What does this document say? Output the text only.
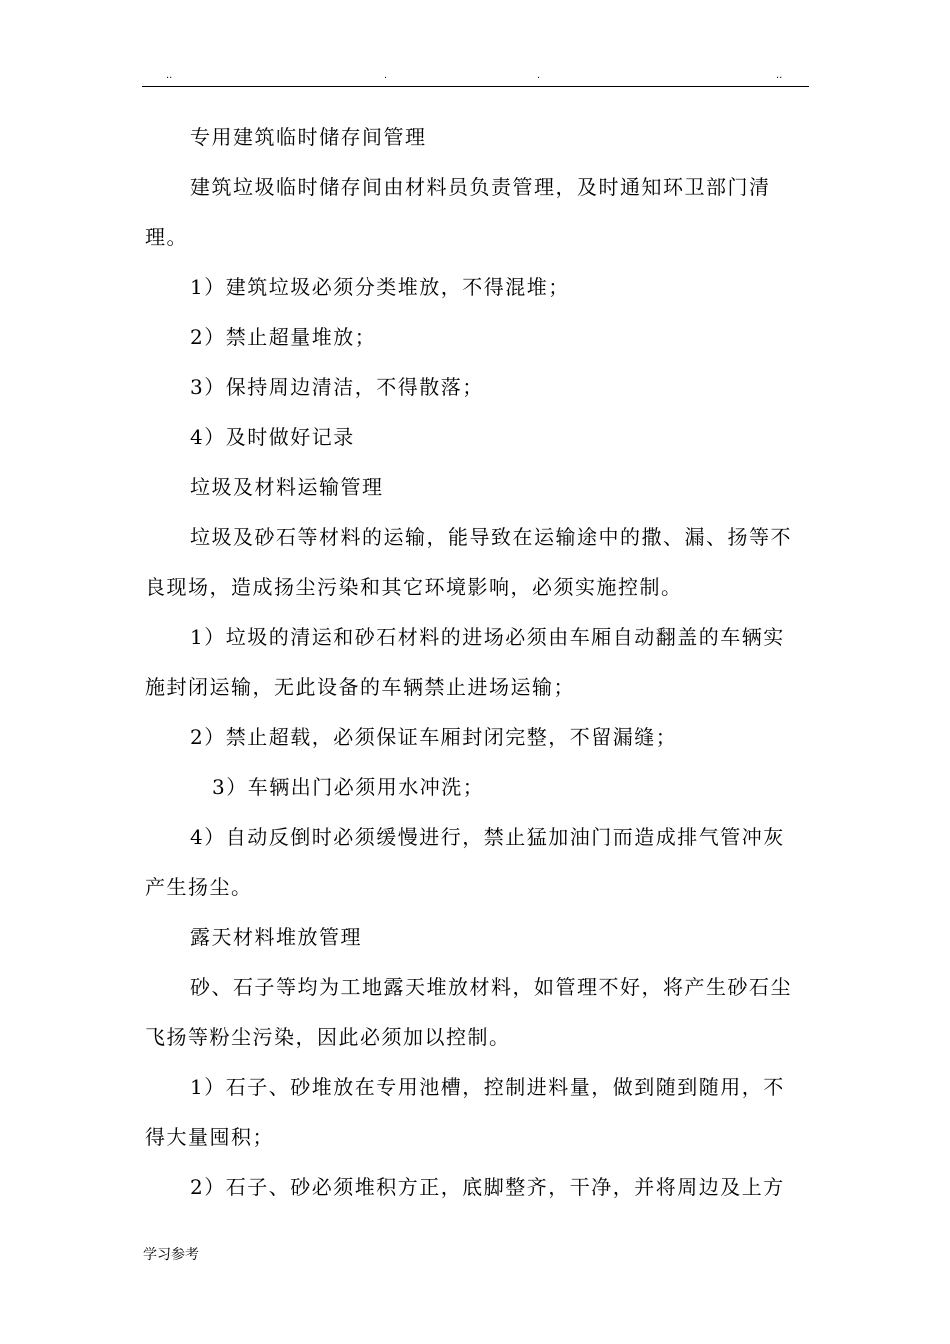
..	.	.	..
专用建筑临时储存间管理
建筑垃圾临时储存间由材料员负责管理，及时通知环卫部门清
理。
1）建筑垃圾必须分类堆放，不得混堆；
2）禁止超量堆放；
3）保持周边清洁，不得散落；
4）及时做好记录
垃圾及材料运输管理
垃圾及砂石等材料的运输，能导致在运输途中的撒、漏、扬等不
良现场，造成扬尘污染和其它环境影响，必须实施控制。
1）垃圾的清运和砂石材料的进场必须由车厢自动翻盖的车辆实
施封闭运输，无此设备的车辆禁止进场运输；
2）禁止超载，必须保证车厢封闭完整，不留漏缝；
3）车辆出门必须用水冲洗；
4）自动反倒时必须缓慢进行，禁止猛加油门而造成排气管冲灰
产生扬尘。
露天材料堆放管理
砂、石子等均为工地露天堆放材料，如管理不好，将产生砂石尘
飞扬等粉尘污染，因此必须加以控制。
1）石子、砂堆放在专用池槽，控制进料量，做到随到随用，不
得大量囤积；
2）石子、砂必须堆积方正，底脚整齐，干净，并将周边及上方
学习参考
